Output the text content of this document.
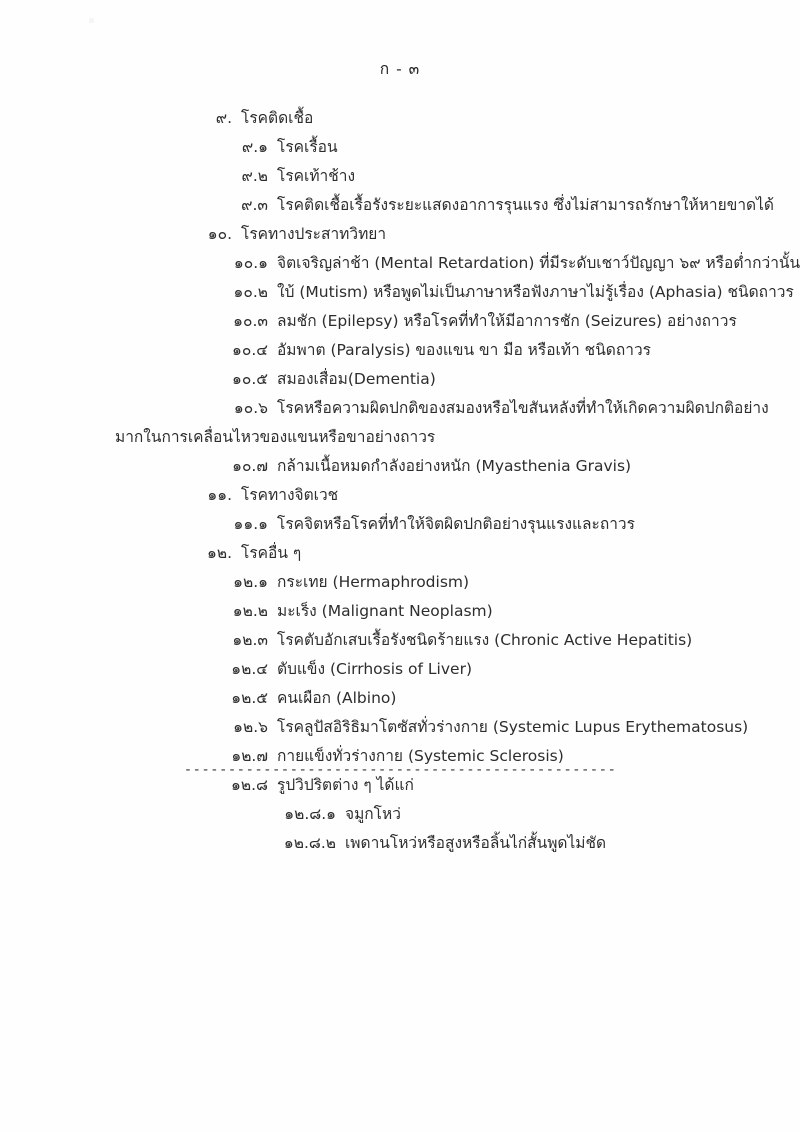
ก - ๓
๙. โรคติดเชื้อ
๙.๑ โรคเรื้อน
๙.๒ โรคเท้าช้าง
๙.๓ โรคติดเชื้อเรื้อรังระยะแสดงอาการรุนแรง ซึ่งไม่สามารถรักษาให้หายขาดได้
๑๐. โรคทางประสาทวิทยา
๑๐.๑ จิตเจริญล่าช้า (Mental Retardation) ที่มีระดับเชาว์ปัญญา ๖๙ หรือต่ำกว่านั้น
๑๐.๒ ใบ้ (Mutism) หรือพูดไม่เป็นภาษาหรือฟังภาษาไม่รู้เรื่อง (Aphasia) ชนิดถาวร
๑๐.๓ ลมชัก (Epilepsy) หรือโรคที่ทำให้มีอาการชัก (Seizures) อย่างถาวร
๑๐.๔ อัมพาต (Paralysis) ของแขน ขา มือ หรือเท้า ชนิดถาวร
๑๐.๕ สมองเสื่อม(Dementia)
๑๐.๖ โรคหรือความผิดปกติของสมองหรือไขสันหลังที่ทำให้เกิดความผิดปกติอย่าง
มากในการเคลื่อนไหวของแขนหรือขาอย่างถาวร
๑๐.๗ กล้ามเนื้อหมดกำลังอย่างหนัก (Myasthenia Gravis)
๑๑. โรคทางจิตเวช
๑๑.๑ โรคจิตหรือโรคที่ทำให้จิตผิดปกติอย่างรุนแรงและถาวร
๑๒. โรคอื่น ๆ
๑๒.๑ กระเทย (Hermaphrodism)
๑๒.๒ มะเร็ง (Malignant Neoplasm)
๑๒.๓ โรคตับอักเสบเรื้อรังชนิดร้ายแรง (Chronic Active Hepatitis)
๑๒.๔ ตับแข็ง (Cirrhosis of Liver)
๑๒.๕ คนเผือก (Albino)
๑๒.๖ โรคลูปัสอิริธิมาโตซัสทั่วร่างกาย (Systemic Lupus Erythematosus)
๑๒.๗ กายแข็งทั่วร่างกาย (Systemic Sclerosis)
๑๒.๘ รูปวิปริตต่าง ๆ ได้แก่
๑๒.๘.๑ จมูกโหว่
๑๒.๘.๒ เพดานโหว่หรือสูงหรือลิ้นไก่สั้นพูดไม่ชัด
-------------------------------------------------
